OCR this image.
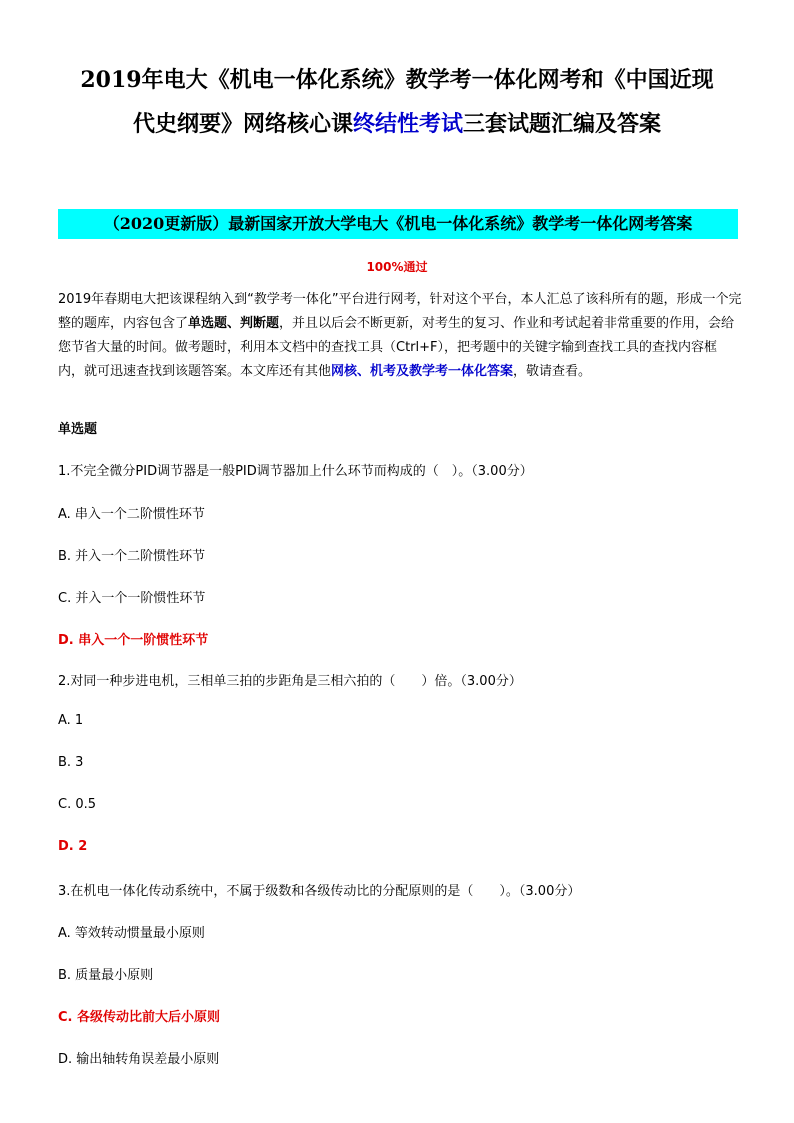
2019年电大《机电一体化系统》教学考一体化网考和《中国近现
代史纲要》网络核心课终结性考试三套试题汇编及答案
（2020更新版）最新国家开放大学电大《机电一体化系统》教学考一体化网考答案
100%通过
2019年春期电大把该课程纳入到“教学考一体化”平台进行网考，针对这个平台，本人汇总了该科所有的题，形成一个完整的题库，内容包含了单选题、判断题，并且以后会不断更新，对考生的复习、作业和考试起着非常重要的作用，会给您节省大量的时间。做考题时，利用本文档中的查找工具（Ctrl+F），把考题中的关键字输到查找工具的查找内容框内，就可迅速查找到该题答案。本文库还有其他网核、机考及教学考一体化答案，敬请查看。
单选题
1.不完全微分PID调节器是一般PID调节器加上什么环节而构成的（　）。（3.00分）
A. 串入一个二阶惯性环节
B. 并入一个二阶惯性环节
C. 并入一个一阶惯性环节
D. 串入一个一阶惯性环节
2.对同一种步进电机，三相单三拍的步距角是三相六拍的（　　）倍。（3.00分）
A. 1
B. 3
C. 0.5
D. 2
3.在机电一体化传动系统中，不属于级数和各级传动比的分配原则的是（　　）。（3.00分）
A. 等效转动惯量最小原则
B. 质量最小原则
C. 各级传动比前大后小原则
D. 输出轴转角误差最小原则
